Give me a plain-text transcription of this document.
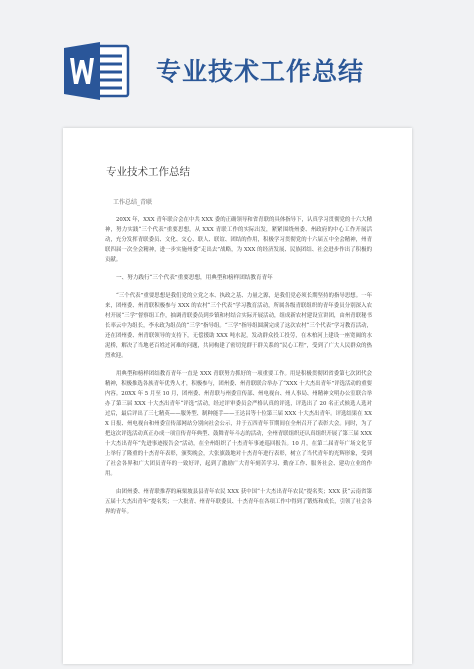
专业技术工作总结
专业技术工作总结
工作总结_青联

20XX 年，XXX 青年联合会在中共 XXX 委的正确领导和省青联的具体指导下，认真学习贯彻党的十六大精神，努力实践“三个代表”重要思想，从 XXX 青联工作的实际出发，紧紧围绕州委、州政府的中心工作开展活动，充分发挥青联委员、文化、交心、联人、联谊、团结的作用，积极学习贯彻党的十六届五中全会精神，州青联四届一次全会精神，进一步实施州委“走出去”战略，为 XXX 的经济发展、民族团结、社会进步作出了积极的贡献。

一、努力践行“三个代表”重要思想，用典型和榜样团结教育青年

“三个代表”重要思想是我们党的立党之本、执政之基、力量之源，是我们党必须长期坚持的指导思想。一年来，团州委、州青联积极参与 XXX 的农村“三个代表”学习教育活动，所属各级青联组织的青年委员分别深入农村开展“三学”督察组工作，抽调青联委员到乡镇和村结合实际开展活动，组成新农村建设宣讲团，由州青联秘书长率云中为组长，李永政为组员的“三学”指导组。“三学”指导组圆满完成了这次农村“三个代表”学习教育活动，还在团州委、州青联领导的支持下，无偿援助 XXX 吨水泥，发动群众投工投劳，在木柏河上建设一座宽阔的水泥桥，解决了当地老百姓过河难的问题，共同构建了密切党群干群关系的“民心工程”，受到了广大人民群众的热烈欢迎。

用典型和榜样团结教育青年一直是 XXX 青联努力抓好的一项重要工作。用是积极贯彻团省委第七次团代会精神，积极推选各族青年优秀人才，积极参与，团州委、州青联联合举办了“XXX 十大杰出青年”评选活动的重要内容。20XX 年 5 月至 10 月，团州委、州青联与州委宣传部、州电视台、州人事局、州精神文明办公室联合举办了第三届 XXX 十大杰出青年“评选”活动，经过评审委员会严格认真的评选，评选出了 20 名正式候选人选对过后，最后评出了三七精英——服务型、制种能手——王达昌等十位第三届 XXX 十大杰出青年。评选结果在 XXX 日报、州电视台和州委宣传部网站分别向社会公示，并于五四青年节期间在全州召开了表彰大会。同时，为了把这次评选活动真正办成一项宣传青年典型、鼓舞青年斗志的活动，全州青联组织还认真组织开展了第三届 XXX 十大杰出青年“先进事迹报告会”活动，在全州组织了十杰青年事迹巡回报告。10 月，在第二届青年广场文化节上举行了隆重的十杰青年表彰，颁奖晚会，大张旗鼓地对十杰青年进行表彰，树立了当代青年的光辉形象，受到了社会各界和广大团员青年的一致好评，起到了激励广大青年刻苦学习、勤奋工作、服务社会、建功立业的作用。

由团州委、州青联推荐的麻栗坡县县青年农民 XXX 获中国“十大杰出青年农民”提名奖；XXX 获“云南省第五届十大杰出青年”提名奖；一大批青、州青年联委员、十杰青年在各项工作中得到了锻炼和成长，引领了社会各界的青年。
